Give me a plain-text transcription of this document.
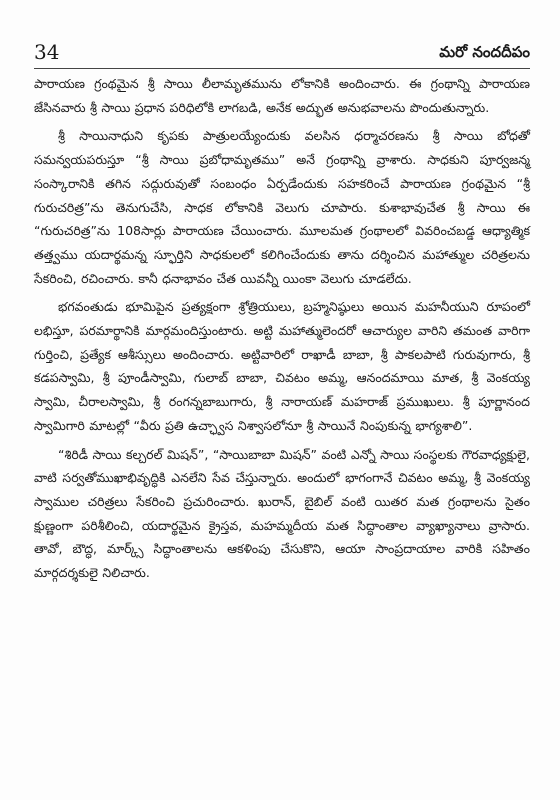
34	మరో నందదీపం

పారాయణ గ్రంథమైన శ్రీ సాయి లీలామృతమును లోకానికి అందించారు. ఈ గ్రంథాన్ని పారాయణ జేసినవారు శ్రీ సాయి ప్రధాన పరిధిలోకి లాగబడి, అనేక అద్భుత అనుభవాలను పొందుతున్నారు.

శ్రీ సాయినాధుని కృపకు పాత్రులయ్యేందుకు వలసిన ధర్మాచరణను శ్రీ సాయి బోధతో సమన్వయపరుస్తూ “శ్రీ సాయి ప్రబోధామృతము” అనే గ్రంథాన్ని వ్రాశారు. సాధకుని పూర్వజన్మ సంస్కారానికి తగిన సద్గురువుతో సంబంధం ఏర్పడేందుకు సహకరించే పారాయణ గ్రంథమైన “శ్రీ గురుచరిత్ర”ను తెనుగుచేసి, సాధక లోకానికి వెలుగు చూపారు. కుశాభావుచేత శ్రీ సాయి ఈ “గురుచరిత్ర”ను 108సార్లు పారాయణ చేయించారు. మూలమత గ్రంథాలలో వివరించబడ్డ ఆధ్యాత్మిక తత్త్వము యదార్థమన్న స్ఫూర్తిని సాధకులలో కలిగించేందుకు తాను దర్శించిన మహాత్ముల చరిత్రలను సేకరించి, రచించారు. కానీ ధనాభావం చేత యివన్నీ యింకా వెలుగు చూడలేదు.

భగవంతుడు భూమిపైన ప్రత్యక్షంగా శ్రోత్రియులు, బ్రహ్మనిష్ఠులు అయిన మహనీయుని రూపంలో లభిస్తూ, పరమార్థానికి మార్గమందిస్తుంటారు. అట్టి మహాత్ములెందరో ఆచార్యుల వారిని తమంత వారిగా గుర్తించి, ప్రత్యేక ఆశీస్సులు అందించారు. అట్టివారిలో రాఖాడీ బాబా, శ్రీ పాకలపాటి గురువుగారు, శ్రీ కడపస్వామి, శ్రీ పూండీస్వామి, గులాబ్ బాబా, చివటం అమ్మ, ఆనందమాయి మాత, శ్రీ వెంకయ్య స్వామి, చీరాలస్వామి, శ్రీ రంగన్నబాబుగారు, శ్రీ నారాయణ్ మహరాజ్ ప్రముఖులు. శ్రీ పూర్ణానంద స్వామిగారి మాటల్లో “వీరు ప్రతి ఉచ్ఛ్వాస నిశ్వాసలోనూ శ్రీ సాయినే నింపుకున్న భాగ్యశాలి”.

“శిరిడీ సాయి కల్చరల్ మిషన్”, “సాయిబాబా మిషన్” వంటి ఎన్నో సాయి సంస్థలకు గౌరవాధ్యక్షులై, వాటి సర్వతోముఖాభివృద్ధికి ఎనలేని సేవ చేస్తున్నారు. అందులో భాగంగానే చివటం అమ్మ, శ్రీ వెంకయ్య స్వాముల చరిత్రలు సేకరించి ప్రచురించారు. ఖురాన్, బైబిల్ వంటి యితర మత గ్రంథాలను సైతం క్షుణ్ణంగా పరిశీలించి, యదార్థమైన క్రైస్తవ, మహమ్మదీయ మత సిద్ధాంతాల వ్యాఖ్యానాలు వ్రాసారు. తావో, బౌద్ధ, మార్క్స్ సిద్ధాంతాలను ఆకళింపు చేసుకొని, ఆయా సాంప్రదాయాల వారికి సహితం మార్గదర్శకులై నిలిచారు.
